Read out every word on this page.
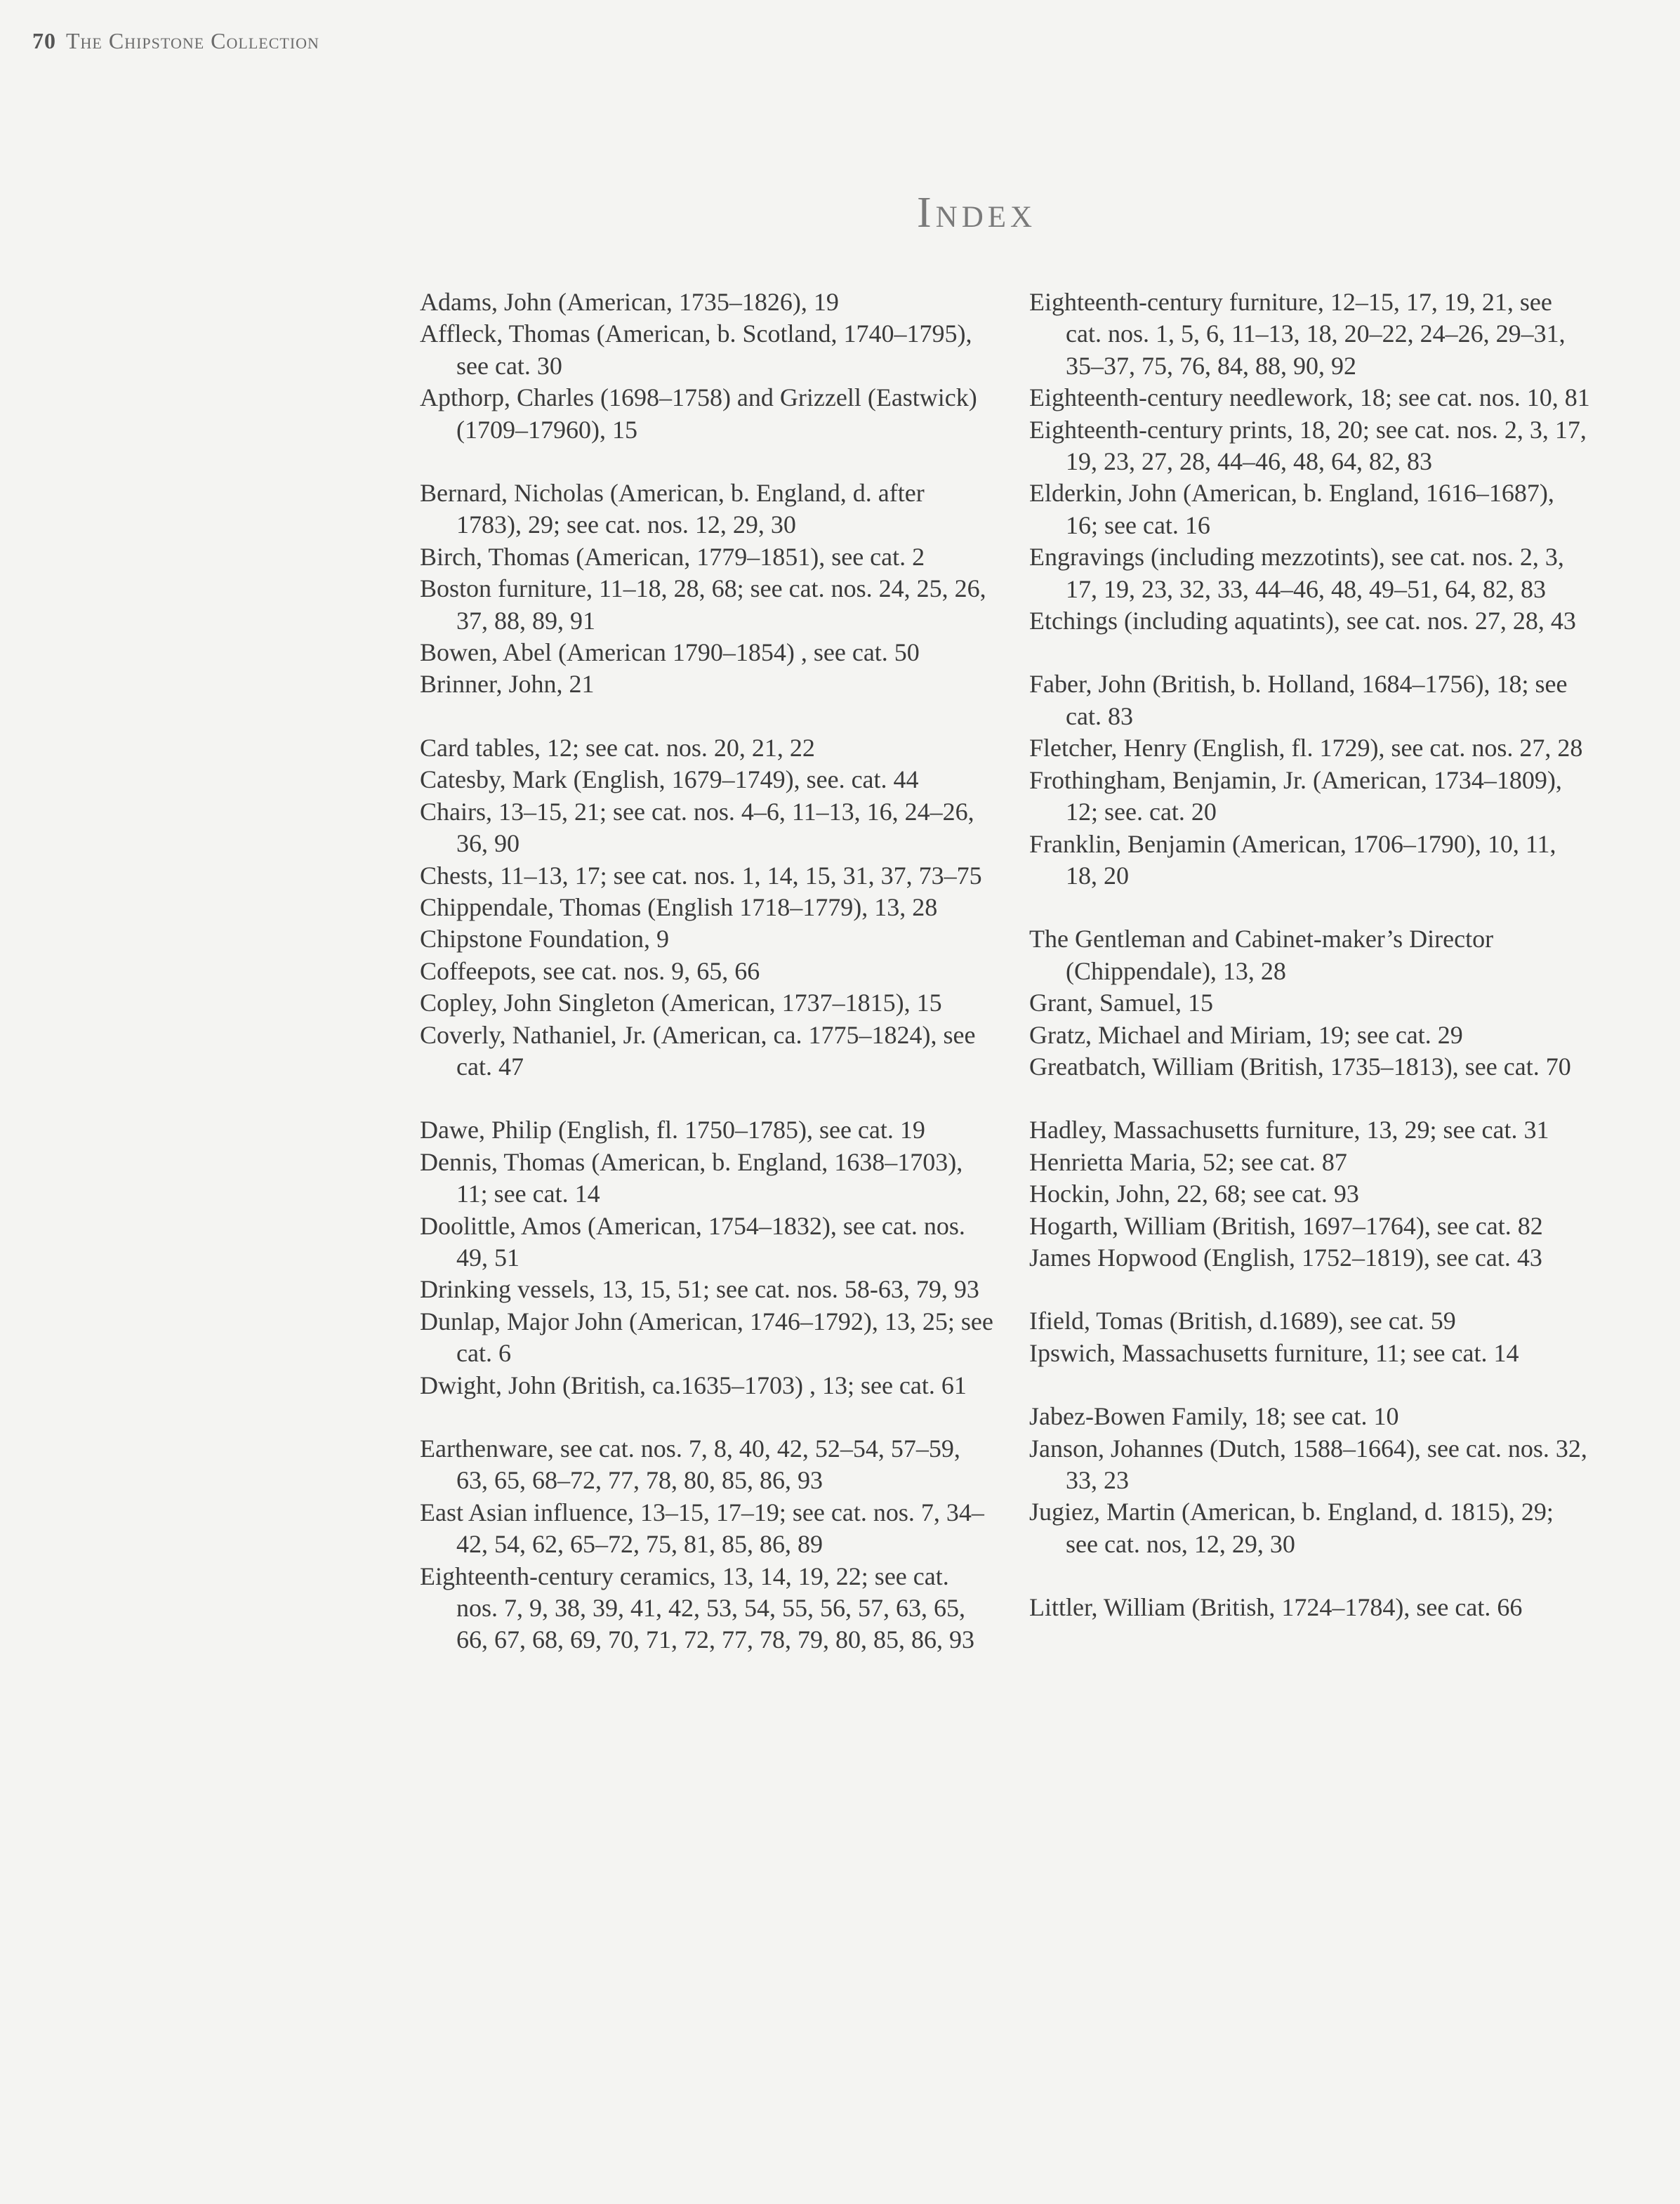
70 The Chipstone Collection
Index
Adams, John (American, 1735–1826), 19
Affleck, Thomas (American, b. Scotland, 1740–1795), see cat. 30
Apthorp, Charles (1698–1758) and Grizzell (Eastwick) (1709–17960), 15
Bernard, Nicholas (American, b. England, d. after 1783), 29; see cat. nos. 12, 29, 30
Birch, Thomas (American, 1779–1851), see cat. 2
Boston furniture, 11–18, 28, 68; see cat. nos. 24, 25, 26, 37, 88, 89, 91
Bowen, Abel (American 1790–1854) , see cat. 50
Brinner, John, 21
Card tables, 12; see cat. nos. 20, 21, 22
Catesby, Mark (English, 1679–1749), see. cat. 44
Chairs, 13–15, 21; see cat. nos. 4–6, 11–13, 16, 24–26, 36, 90
Chests, 11–13, 17; see cat. nos. 1, 14, 15, 31, 37, 73–75
Chippendale, Thomas (English 1718–1779), 13, 28
Chipstone Foundation, 9
Coffeepots, see cat. nos. 9, 65, 66
Copley, John Singleton (American, 1737–1815), 15
Coverly, Nathaniel, Jr. (American, ca. 1775–1824), see cat. 47
Dawe, Philip (English, fl. 1750–1785), see cat. 19
Dennis, Thomas (American, b. England, 1638–1703), 11; see cat. 14
Doolittle, Amos (American, 1754–1832), see cat. nos. 49, 51
Drinking vessels, 13, 15, 51; see cat. nos. 58-63, 79, 93
Dunlap, Major John (American, 1746–1792), 13, 25; see cat. 6
Dwight, John (British, ca.1635–1703) , 13; see cat. 61
Earthenware, see cat. nos. 7, 8, 40, 42, 52–54, 57–59, 63, 65, 68–72, 77, 78, 80, 85, 86, 93
East Asian influence, 13–15, 17–19; see cat. nos. 7, 34–42, 54, 62, 65–72, 75, 81, 85, 86, 89
Eighteenth-century ceramics, 13, 14, 19, 22; see cat. nos. 7, 9, 38, 39, 41, 42, 53, 54, 55, 56, 57, 63, 65, 66, 67, 68, 69, 70, 71, 72, 77, 78, 79, 80, 85, 86, 93
Eighteenth-century furniture, 12–15, 17, 19, 21, see cat. nos. 1, 5, 6, 11–13, 18, 20–22, 24–26, 29–31, 35–37, 75, 76, 84, 88, 90, 92
Eighteenth-century needlework, 18; see cat. nos. 10, 81
Eighteenth-century prints, 18, 20; see cat. nos. 2, 3, 17, 19, 23, 27, 28, 44–46, 48, 64, 82, 83
Elderkin, John (American, b. England, 1616–1687), 16; see cat. 16
Engravings (including mezzotints), see cat. nos. 2, 3, 17, 19, 23, 32, 33, 44–46, 48, 49–51, 64, 82, 83
Etchings (including aquatints), see cat. nos. 27, 28, 43
Faber, John (British, b. Holland, 1684–1756), 18; see cat. 83
Fletcher, Henry (English, fl. 1729), see cat. nos. 27, 28
Frothingham, Benjamin, Jr. (American, 1734–1809), 12; see. cat. 20
Franklin, Benjamin (American, 1706–1790), 10, 11, 18, 20
The Gentleman and Cabinet-maker’s Director (Chippendale), 13, 28
Grant, Samuel, 15
Gratz, Michael and Miriam, 19; see cat. 29
Greatbatch, William (British, 1735–1813), see cat. 70
Hadley, Massachusetts furniture, 13, 29; see cat. 31
Henrietta Maria, 52; see cat. 87
Hockin, John, 22, 68; see cat. 93
Hogarth, William (British, 1697–1764), see cat. 82
James Hopwood (English, 1752–1819), see cat. 43
Ifield, Tomas (British, d.1689), see cat. 59
Ipswich, Massachusetts furniture, 11; see cat. 14
Jabez-Bowen Family, 18; see cat. 10
Janson, Johannes (Dutch, 1588–1664), see cat. nos. 32, 33, 23
Jugiez, Martin (American, b. England, d. 1815), 29; see cat. nos, 12, 29, 30
Littler, William (British, 1724–1784), see cat. 66
